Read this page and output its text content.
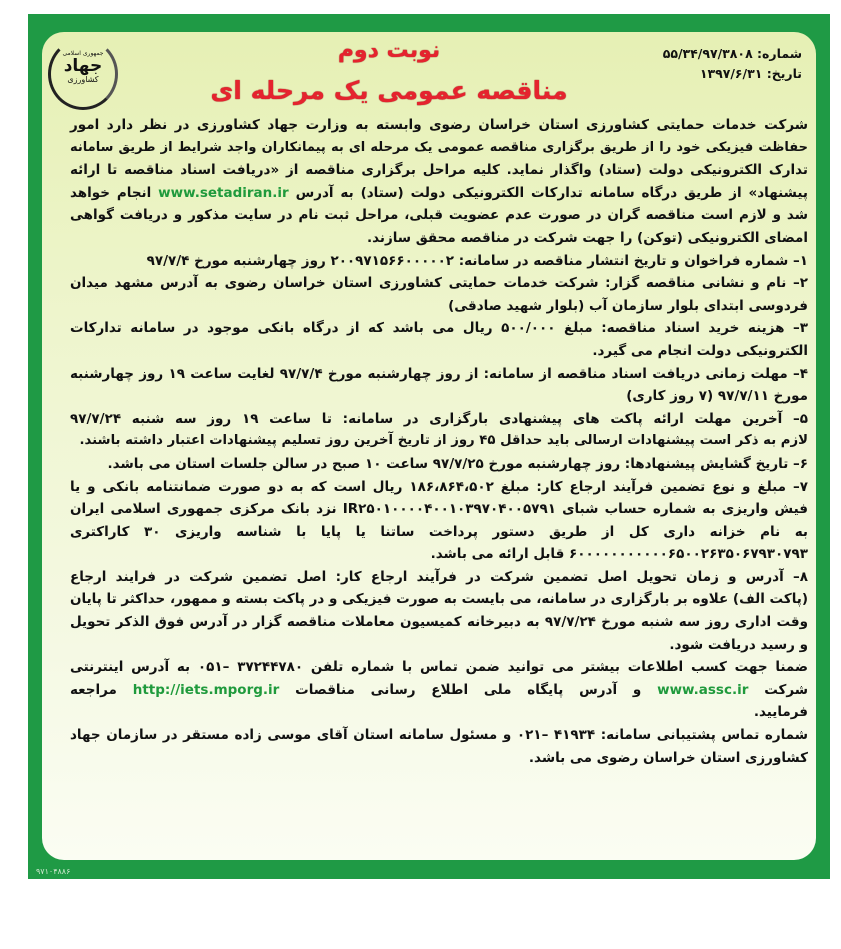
جمهوری اسلامی
جهاد
کشاورزی
شماره: ۵۵/۳۴/۹۷/۳۸۰۸
تاریخ: ۱۳۹۷/۶/۳۱
نوبت دوم
مناقصه عمومی یک مرحله ای
شرکت خدمات حمایتی کشاورزی استان خراسان رضوی وابسته به وزارت جهاد کشاورزی در نظر دارد امور
حفاظت فیزیکی خود را از طریق برگزاری مناقصه عمومی یک مرحله ای به پیمانکاران واجد شرایط از طریق سامانه
تدارک الکترونیکی دولت (ستاد) واگذار نماید. کلیه مراحل برگزاری مناقصه از «دریافت اسناد مناقصه تا ارائه
پیشنهاد» از طریق درگاه سامانه تدارکات الکترونیکی دولت (ستاد) به آدرس www.setadiran.ir انجام خواهد
شد و لازم است مناقصه گران در صورت عدم عضویت قبلی، مراحل ثبت نام در سایت مذکور و دریافت گواهی
امضای الکترونیکی (توکن) را جهت شرکت در مناقصه محقق سازند.
۱– شماره فراخوان و تاریخ انتشار مناقصه در سامانه: ۲۰۰۹۷۱۵۶۶۰۰۰۰۰۲ روز چهارشنبه مورخ ۹۷/۷/۴
۲– نام و نشانی مناقصه گزار: شرکت خدمات حمایتی کشاورزی استان خراسان رضوی به آدرس مشهد میدان
فردوسی ابتدای بلوار سازمان آب (بلوار شهید صادقی)
۳– هزینه خرید اسناد مناقصه: مبلغ ۵۰۰/۰۰۰ ریال می باشد که از درگاه بانکی موجود در سامانه تدارکات
الکترونیکی دولت انجام می گیرد.
۴– مهلت زمانی دریافت اسناد مناقصه از سامانه: از روز چهارشنبه مورخ ۹۷/۷/۴ لغایت ساعت ۱۹ روز چهارشنبه
مورخ ۹۷/۷/۱۱ (۷ روز کاری)
۵– آخرین مهلت ارائه پاکت های پیشنهادی بارگزاری در سامانه: تا ساعت ۱۹ روز سه شنبه ۹۷/۷/۲۴
لازم به ذکر است پیشنهادات ارسالی باید حداقل ۴۵ روز از تاریخ آخرین روز تسلیم پیشنهادات اعتبار داشته باشند.
۶– تاریخ گشایش پیشنهادها: روز چهارشنبه مورخ ۹۷/۷/۲۵ ساعت ۱۰ صبح در سالن جلسات استان می باشد.
۷– مبلغ و نوع تضمین فرآیند ارجاع کار: مبلغ ۱۸۶،۸۶۴،۵۰۲ ریال است که به دو صورت ضمانتنامه بانکی و یا
فیش واریزی به شماره حساب شبای IR۲۵۰۱۰۰۰۰۴۰۰۱۰۳۹۷۰۴۰۰۵۷۹۱ نزد بانک مرکزی جمهوری اسلامی ایران
به نام خزانه داری کل از طریق دستور پرداخت ساتنا یا پایا با شناسه واریزی ۳۰ کاراکتری
۶۰۰۰۰۰۰۰۰۰۰۰۶۵۰۰۲۶۳۵۰۶۷۹۳۰۷۹۳ قابل ارائه می باشد.
۸– آدرس و زمان تحویل اصل تضمین شرکت در فرآیند ارجاع کار: اصل تضمین شرکت در فرایند ارجاع
(پاکت الف) علاوه بر بارگزاری در سامانه، می بایست به صورت فیزیکی و در پاکت بسته و ممهور، حداکثر تا پایان
وقت اداری روز سه شنبه مورخ ۹۷/۷/۲۴ به دبیرخانه کمیسیون معاملات مناقصه گزار در آدرس فوق الذکر تحویل
و رسید دریافت شود.
ضمنا جهت کسب اطلاعات بیشتر می توانید ضمن تماس با شماره تلفن ۳۷۲۴۴۷۸۰ –۰۵۱ به آدرس اینترنتی
شرکت www.assc.ir و آدرس پایگاه ملی اطلاع رسانی مناقصات http://iets.mporg.ir مراجعه
فرمایید.
شماره تماس پشتیبانی سامانه: ۴۱۹۳۴ –۰۲۱ و مسئول سامانه استان آقای موسی زاده مستقر در سازمان جهاد
کشاورزی استان خراسان رضوی می باشد.
۹۷۱۰۴۸۸۶
